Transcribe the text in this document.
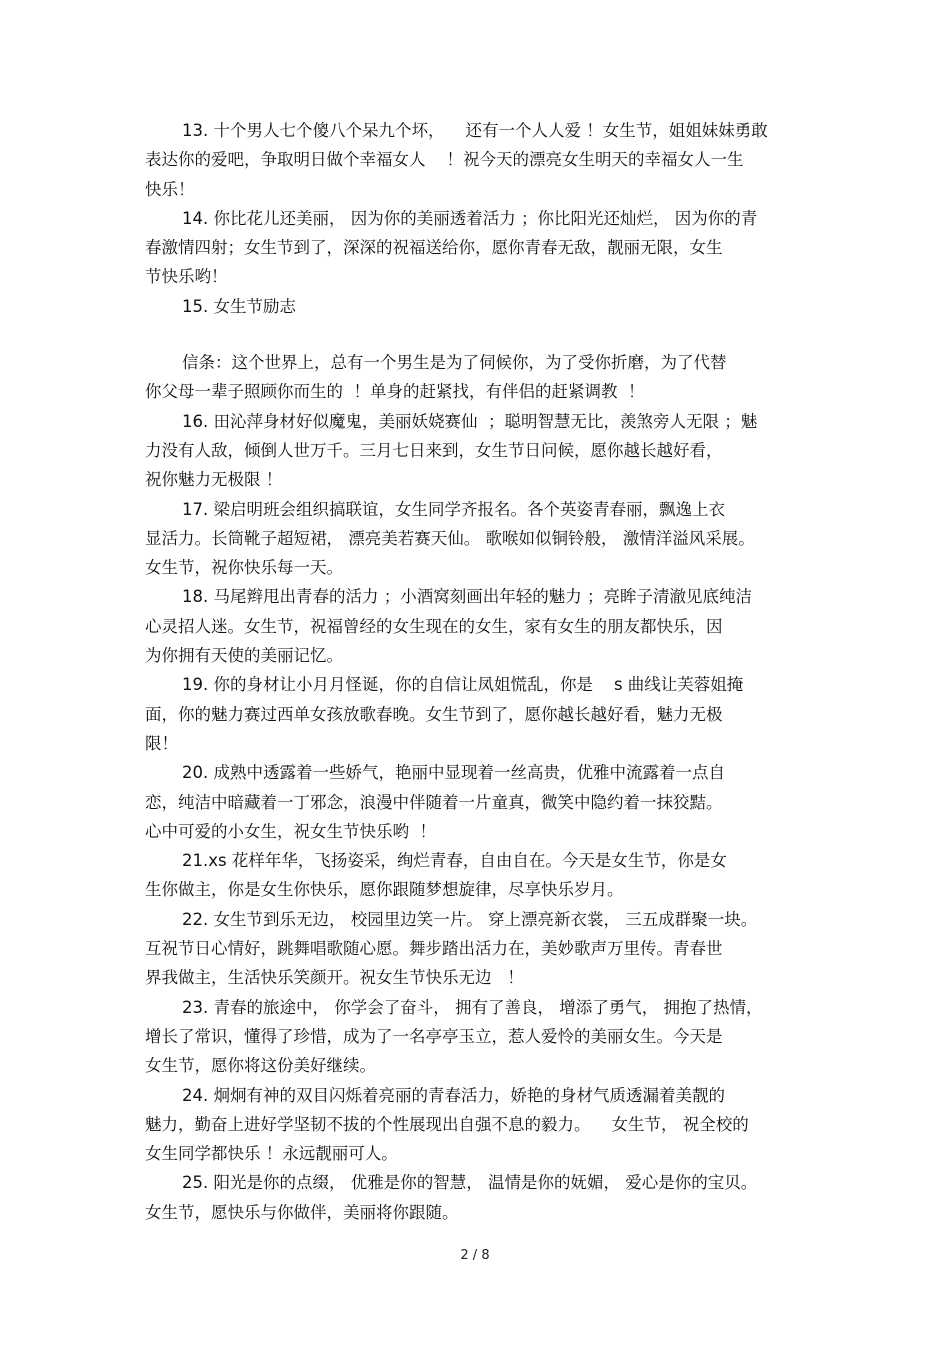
13. 十个男人七个傻八个呆九个坏，    还有一个人人爱 ！女生节，姐姐妹妹勇敢
表达你的爱吧，争取明日做个幸福女人    ！祝今天的漂亮女生明天的幸福女人一生
快乐！
14. 你比花儿还美丽， 因为你的美丽透着活力 ；你比阳光还灿烂， 因为你的青
春激情四射；女生节到了，深深的祝福送给你，愿你青春无敌，靓丽无限，女生
节快乐哟！
15. 女生节励志
信条：这个世界上，总有一个男生是为了伺候你，为了受你折磨，为了代替
你父母一辈子照顾你而生的  ！单身的赶紧找，有伴侣的赶紧调教  ！
16. 田沁萍身材好似魔鬼，美丽妖娆赛仙  ；聪明智慧无比，羡煞旁人无限 ；魅
力没有人敌，倾倒人世万千。三月七日来到，女生节日问候，愿你越长越好看，
祝你魅力无极限 ！
17. 梁启明班会组织搞联谊，女生同学齐报名。各个英姿青春丽，飘逸上衣
显活力。长筒靴子超短裙， 漂亮美若赛天仙。 歌喉如似铜铃般， 激情洋溢风采展。
女生节，祝你快乐每一天。
18. 马尾辫甩出青春的活力 ；小酒窝刻画出年轻的魅力 ；亮眸子清澈见底纯洁
心灵招人迷。女生节，祝福曾经的女生现在的女生，家有女生的朋友都快乐，因
为你拥有天使的美丽记忆。
19. 你的身材让小月月怪诞，你的自信让凤姐慌乱，你是    s 曲线让芙蓉姐掩
面，你的魅力赛过西单女孩放歌春晚。女生节到了，愿你越长越好看，魅力无极
限！
20. 成熟中透露着一些娇气，艳丽中显现着一丝高贵，优雅中流露着一点自
恋，纯洁中暗藏着一丁邪念，浪漫中伴随着一片童真，微笑中隐约着一抹狡黠。
心中可爱的小女生，祝女生节快乐哟  ！
21.xs 花样年华，飞扬姿采，绚烂青春，自由自在。今天是女生节，你是女
生你做主，你是女生你快乐，愿你跟随梦想旋律，尽享快乐岁月。
22. 女生节到乐无边， 校园里边笑一片。 穿上漂亮新衣裳， 三五成群聚一块。
互祝节日心情好，跳舞唱歌随心愿。舞步踏出活力在，美妙歌声万里传。青春世
界我做主，生活快乐笑颜开。祝女生节快乐无边   ！
23. 青春的旅途中， 你学会了奋斗， 拥有了善良， 增添了勇气， 拥抱了热情，
增长了常识，懂得了珍惜，成为了一名亭亭玉立，惹人爱怜的美丽女生。今天是
女生节，愿你将这份美好继续。
24. 炯炯有神的双目闪烁着亮丽的青春活力，娇艳的身材气质透漏着美靓的
魅力，勤奋上进好学坚韧不拔的个性展现出自强不息的毅力。    女生节， 祝全校的
女生同学都快乐 ！永远靓丽可人。
25. 阳光是你的点缀， 优雅是你的智慧， 温情是你的妩媚， 爱心是你的宝贝。
女生节，愿快乐与你做伴，美丽将你跟随。
2 / 8
